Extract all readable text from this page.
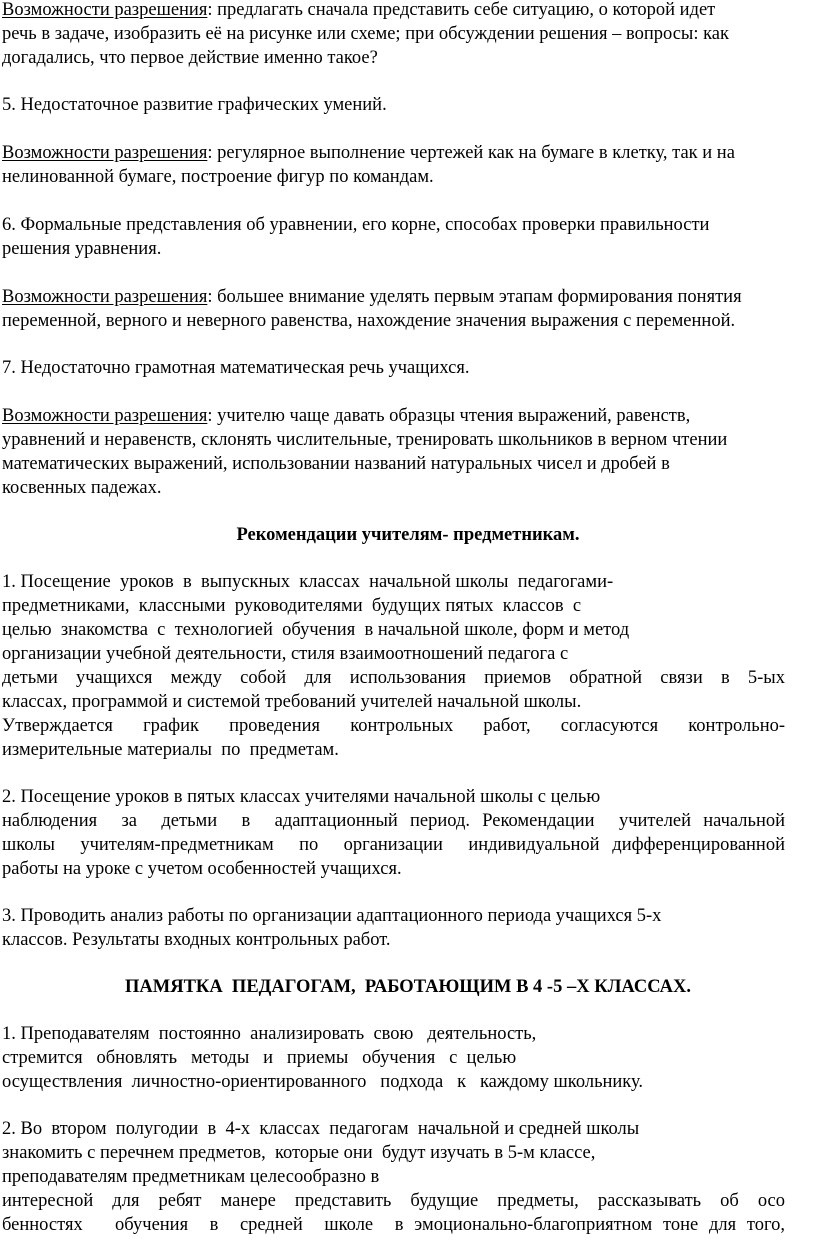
Возможности разрешения: предлагать сначала представить себе ситуацию, о которой идет
речь в задаче, изобразить её на рисунке или схеме; при обсуждении решения – вопросы: как
догадались, что первое действие именно такое?
5. Недостаточное развитие графических умений.
Возможности разрешения: регулярное выполнение чертежей как на бумаге в клетку, так и на
нелинованной бумаге, построение фигур по командам.
6. Формальные представления об уравнении, его корне, способах проверки правильности
решения уравнения.
Возможности разрешения: большее внимание уделять первым этапам формирования понятия
переменной, верного и неверного равенства, нахождение значения выражения с переменной.
7. Недостаточно грамотная математическая речь учащихся.
Возможности разрешения: учителю чаще давать образцы чтения выражений, равенств,
уравнений и неравенств, склонять числительные, тренировать школьников в верном чтении
математических выражений, использовании названий натуральных чисел и дробей в
косвенных падежах.
Рекомендации учителям- предметникам.
1. Посещение  уроков  в  выпускных  классах  начальной школы  педагогами-
предметниками,  классными  руководителями  будущих пятых  классов  с
целью  знакомства  с  технологией  обучения  в начальной школе, форм и метод
организации учебной деятельности, стиля взаимоотношений педагога с
детьми  учащихся  между  собой  для  использования  приемов  обратной  связи  в  5-ых
классах, программой и системой требований учителей начальной школы.
Утверждается  график  проведения  контрольных  работ,  согласуются  контрольно-
измерительные материалы  по  предметам.
2. Посещение уроков в пятых классах учителями начальной школы с целью
наблюдения  за  детьми  в  адаптационный период. Рекомендации  учителей начальной
школы  учителям-предметникам  по  организации  индивидуальной дифференцированной
работы на уроке с учетом особенностей учащихся.
3. Проводить анализ работы по организации адаптационного периода учащихся 5-х
классов. Результаты входных контрольных работ.
ПАМЯТКА  ПЕДАГОГАМ,  РАБОТАЮЩИМ В 4 -5 –Х КЛАССАХ.
1. Преподавателям  постоянно  анализировать  свою   деятельность,
стремится   обновлять   методы   и   приемы   обучения   с  целью
осуществления  личностно-ориентированного   подхода   к   каждому школьнику.
2. Во  втором  полугодии  в  4-х  классах  педагогам  начальной и средней школы
знакомить с перечнем предметов,  которые они  будут изучать в 5-м классе,
преподавателям предметникам целесообразно в
интересной  для  ребят  манере  представить  будущие  предметы,  рассказывать  об  осо
бенностях   обучения  в  средней  школе  в эмоционально-благоприятном тоне для того,
